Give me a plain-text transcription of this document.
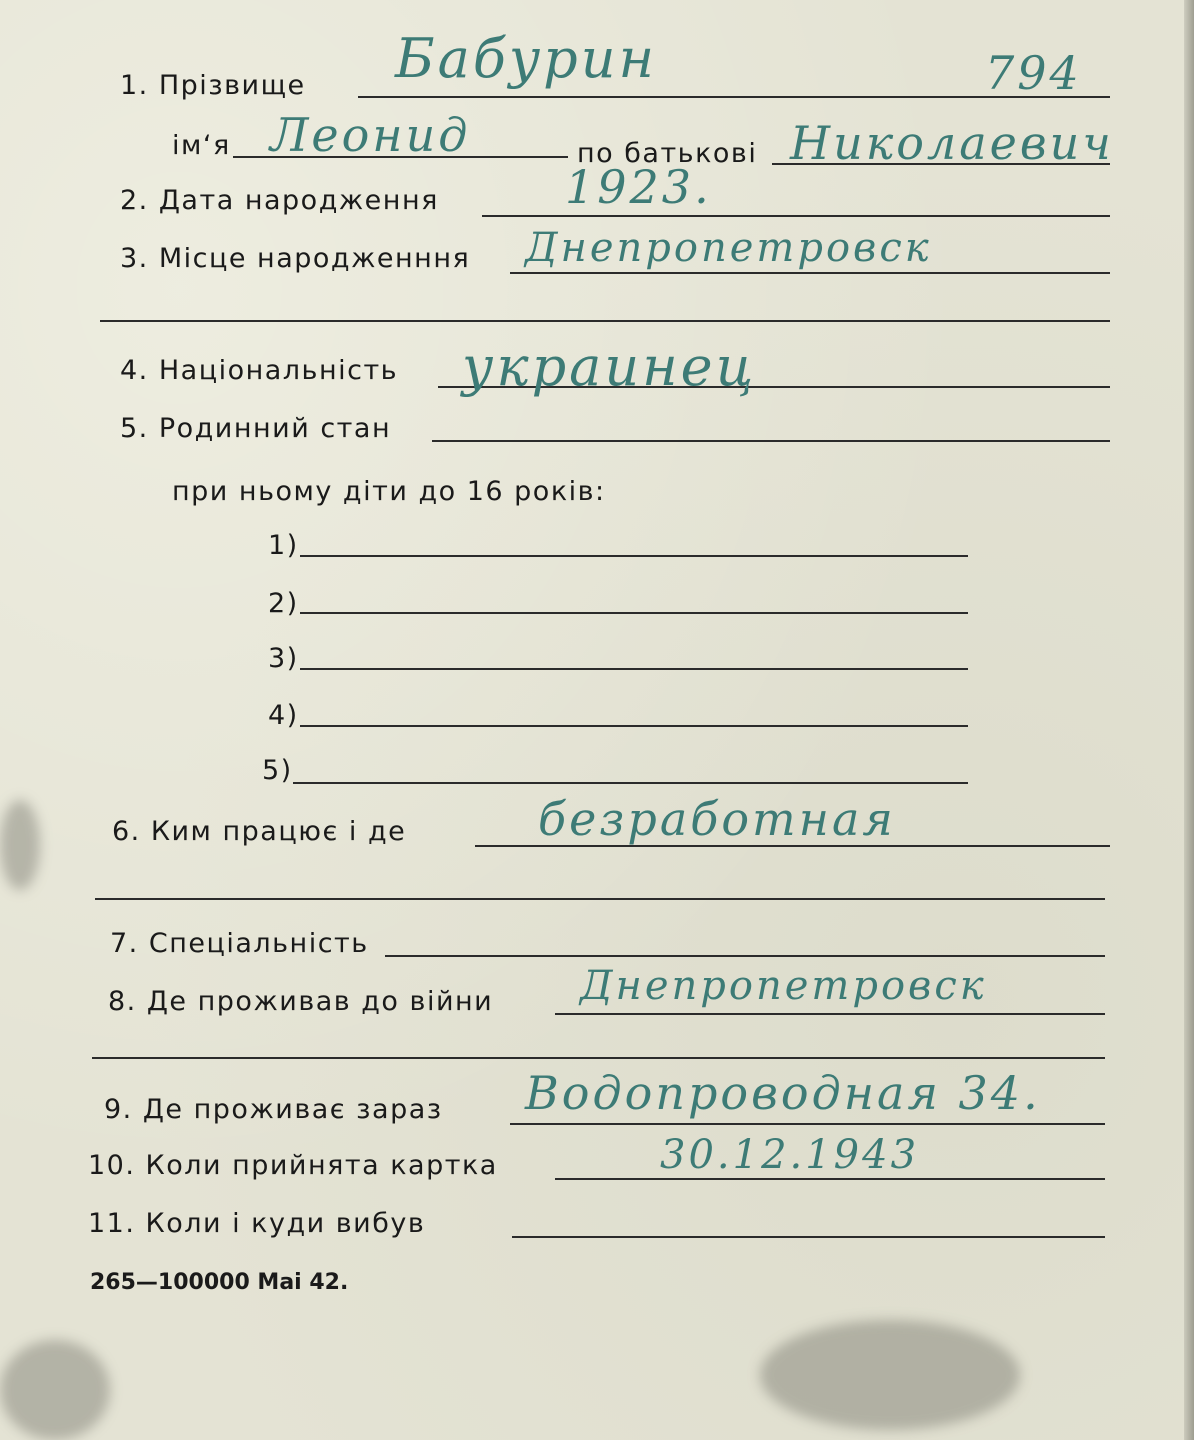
794
1. Прізвище Бабурин
ім‘я Леонид	по батькові Николаевич
2. Дата народження	1923.
3. Місце народженння Днепропетровск
4. Національність украинец
5. Родинний стан
при ньому діти до 16 років:
1)
2)
3)
4)
5)
6. Ким працює і де	безработная
7. Спеціальність
8. Де проживав до війни Днепропетровск
9. Де проживає зараз Водопроводная 34.
10. Коли прийнята картка	30.12.1943
11. Коли і куди вибув
265—100000 Mai 42.
